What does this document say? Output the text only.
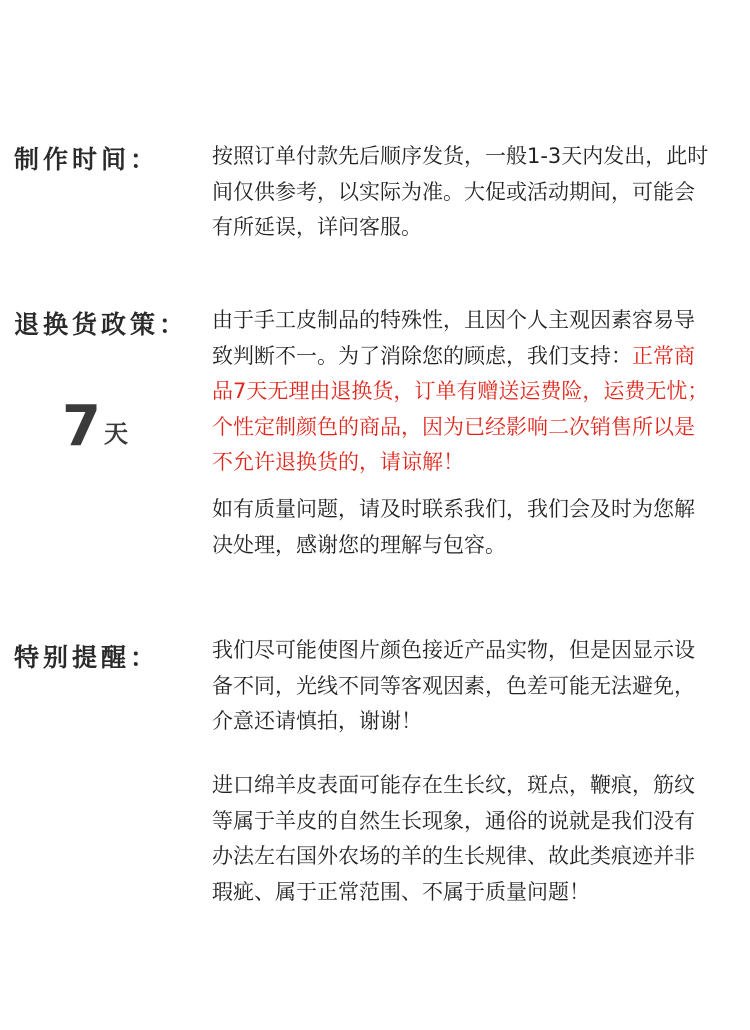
制作时间：	按照订单付款先后顺序发货，一般1-3天内发出，此时间仅供参考，以实际为准。大促或活动期间，可能会有所延误，详问客服。

退换货政策：
7 天

由于手工皮制品的特殊性，且因个人主观因素容易导致判断不一。为了消除您的顾虑，我们支持：正常商品7天无理由退换货，订单有赠送运费险，运费无忧；个性定制颜色的商品，因为已经影响二次销售所以是不允许退换货的，请谅解！

如有质量问题，请及时联系我们，我们会及时为您解决处理，感谢您的理解与包容。

特别提醒：	我们尽可能使图片颜色接近产品实物，但是因显示设备不同，光线不同等客观因素，色差可能无法避免，介意还请慎拍，谢谢！

进口绵羊皮表面可能存在生长纹，斑点，鞭痕，筋纹等属于羊皮的自然生长现象，通俗的说就是我们没有办法左右国外农场的羊的生长规律、故此类痕迹并非瑕疵、属于正常范围、不属于质量问题！
